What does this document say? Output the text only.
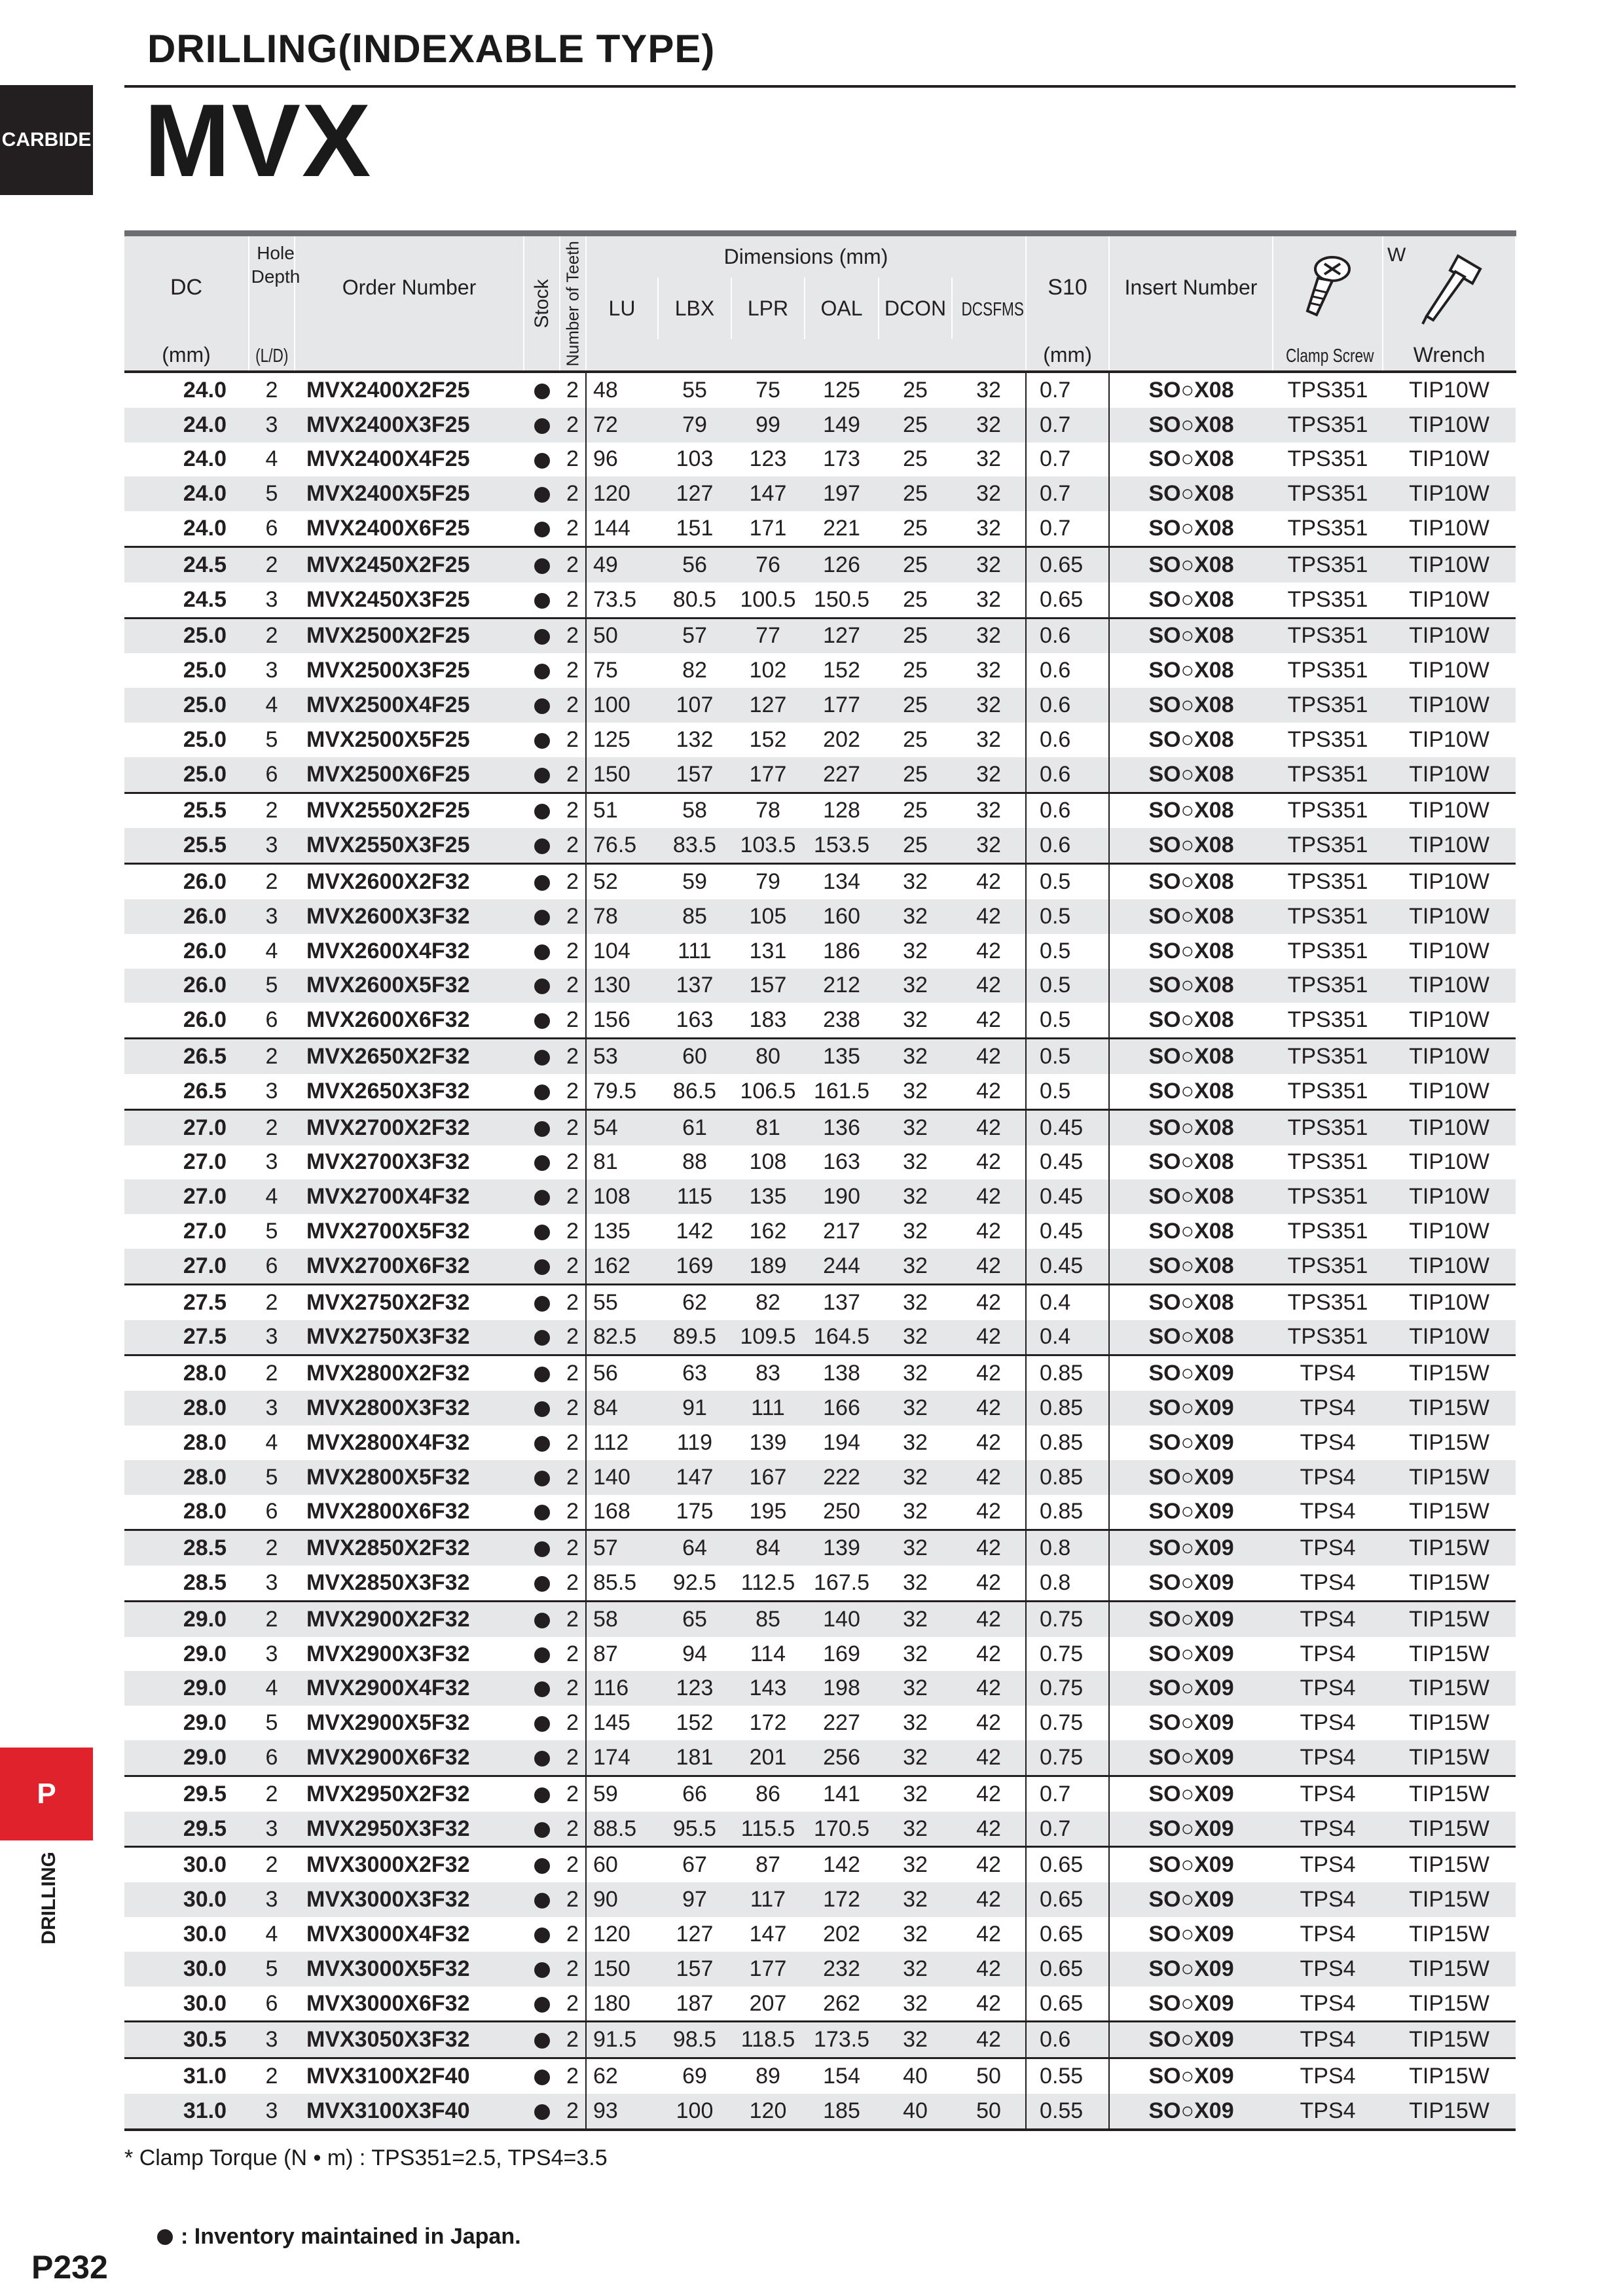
DRILLING(INDEXABLE TYPE)
MVX
CARBIDE
DC	Hole Depth	Order Number	Stock	Number of Teeth	Dimensions (mm)						S10	Insert Number		W

					LU	LBX	LPR	OAL	DCON	DCSFMS				
(mm)	(L/D)										(mm)		Clamp Screw	Wrench
24.0	2	MVX2400X2F25		2	48	55	75	125	25	32	0.7	SO○X08	TPS351	TIP10W
24.0	3	MVX2400X3F25		2	72	79	99	149	25	32	0.7	SO○X08	TPS351	TIP10W
24.0	4	MVX2400X4F25		2	96	103	123	173	25	32	0.7	SO○X08	TPS351	TIP10W
24.0	5	MVX2400X5F25		2	120	127	147	197	25	32	0.7	SO○X08	TPS351	TIP10W
24.0	6	MVX2400X6F25		2	144	151	171	221	25	32	0.7	SO○X08	TPS351	TIP10W
24.5	2	MVX2450X2F25		2	49	56	76	126	25	32	0.65	SO○X08	TPS351	TIP10W
24.5	3	MVX2450X3F25		2	73.5	80.5	100.5	150.5	25	32	0.65	SO○X08	TPS351	TIP10W
25.0	2	MVX2500X2F25		2	50	57	77	127	25	32	0.6	SO○X08	TPS351	TIP10W
25.0	3	MVX2500X3F25		2	75	82	102	152	25	32	0.6	SO○X08	TPS351	TIP10W
25.0	4	MVX2500X4F25		2	100	107	127	177	25	32	0.6	SO○X08	TPS351	TIP10W
25.0	5	MVX2500X5F25		2	125	132	152	202	25	32	0.6	SO○X08	TPS351	TIP10W
25.0	6	MVX2500X6F25		2	150	157	177	227	25	32	0.6	SO○X08	TPS351	TIP10W
25.5	2	MVX2550X2F25		2	51	58	78	128	25	32	0.6	SO○X08	TPS351	TIP10W
25.5	3	MVX2550X3F25		2	76.5	83.5	103.5	153.5	25	32	0.6	SO○X08	TPS351	TIP10W
26.0	2	MVX2600X2F32		2	52	59	79	134	32	42	0.5	SO○X08	TPS351	TIP10W
26.0	3	MVX2600X3F32		2	78	85	105	160	32	42	0.5	SO○X08	TPS351	TIP10W
26.0	4	MVX2600X4F32		2	104	111	131	186	32	42	0.5	SO○X08	TPS351	TIP10W
26.0	5	MVX2600X5F32		2	130	137	157	212	32	42	0.5	SO○X08	TPS351	TIP10W
26.0	6	MVX2600X6F32		2	156	163	183	238	32	42	0.5	SO○X08	TPS351	TIP10W
26.5	2	MVX2650X2F32		2	53	60	80	135	32	42	0.5	SO○X08	TPS351	TIP10W
26.5	3	MVX2650X3F32		2	79.5	86.5	106.5	161.5	32	42	0.5	SO○X08	TPS351	TIP10W
27.0	2	MVX2700X2F32		2	54	61	81	136	32	42	0.45	SO○X08	TPS351	TIP10W
27.0	3	MVX2700X3F32		2	81	88	108	163	32	42	0.45	SO○X08	TPS351	TIP10W
27.0	4	MVX2700X4F32		2	108	115	135	190	32	42	0.45	SO○X08	TPS351	TIP10W
27.0	5	MVX2700X5F32		2	135	142	162	217	32	42	0.45	SO○X08	TPS351	TIP10W
27.0	6	MVX2700X6F32		2	162	169	189	244	32	42	0.45	SO○X08	TPS351	TIP10W
27.5	2	MVX2750X2F32		2	55	62	82	137	32	42	0.4	SO○X08	TPS351	TIP10W
27.5	3	MVX2750X3F32		2	82.5	89.5	109.5	164.5	32	42	0.4	SO○X08	TPS351	TIP10W
28.0	2	MVX2800X2F32		2	56	63	83	138	32	42	0.85	SO○X09	TPS4	TIP15W
28.0	3	MVX2800X3F32		2	84	91	111	166	32	42	0.85	SO○X09	TPS4	TIP15W
28.0	4	MVX2800X4F32		2	112	119	139	194	32	42	0.85	SO○X09	TPS4	TIP15W
28.0	5	MVX2800X5F32		2	140	147	167	222	32	42	0.85	SO○X09	TPS4	TIP15W
28.0	6	MVX2800X6F32		2	168	175	195	250	32	42	0.85	SO○X09	TPS4	TIP15W
28.5	2	MVX2850X2F32		2	57	64	84	139	32	42	0.8	SO○X09	TPS4	TIP15W
28.5	3	MVX2850X3F32		2	85.5	92.5	112.5	167.5	32	42	0.8	SO○X09	TPS4	TIP15W
29.0	2	MVX2900X2F32		2	58	65	85	140	32	42	0.75	SO○X09	TPS4	TIP15W
29.0	3	MVX2900X3F32		2	87	94	114	169	32	42	0.75	SO○X09	TPS4	TIP15W
29.0	4	MVX2900X4F32		2	116	123	143	198	32	42	0.75	SO○X09	TPS4	TIP15W
29.0	5	MVX2900X5F32		2	145	152	172	227	32	42	0.75	SO○X09	TPS4	TIP15W
29.0	6	MVX2900X6F32		2	174	181	201	256	32	42	0.75	SO○X09	TPS4	TIP15W
29.5	2	MVX2950X2F32		2	59	66	86	141	32	42	0.7	SO○X09	TPS4	TIP15W
29.5	3	MVX2950X3F32		2	88.5	95.5	115.5	170.5	32	42	0.7	SO○X09	TPS4	TIP15W
30.0	2	MVX3000X2F32		2	60	67	87	142	32	42	0.65	SO○X09	TPS4	TIP15W
30.0	3	MVX3000X3F32		2	90	97	117	172	32	42	0.65	SO○X09	TPS4	TIP15W
30.0	4	MVX3000X4F32		2	120	127	147	202	32	42	0.65	SO○X09	TPS4	TIP15W
30.0	5	MVX3000X5F32		2	150	157	177	232	32	42	0.65	SO○X09	TPS4	TIP15W
30.0	6	MVX3000X6F32		2	180	187	207	262	32	42	0.65	SO○X09	TPS4	TIP15W
30.5	3	MVX3050X3F32		2	91.5	98.5	118.5	173.5	32	42	0.6	SO○X09	TPS4	TIP15W
31.0	2	MVX3100X2F40		2	62	69	89	154	40	50	0.55	SO○X09	TPS4	TIP15W
31.0	3	MVX3100X3F40		2	93	100	120	185	40	50	0.55	SO○X09	TPS4	TIP15W
* Clamp Torque (N • m) : TPS351=2.5, TPS4=3.5
: Inventory maintained in Japan.
P
DRILLING
P232
